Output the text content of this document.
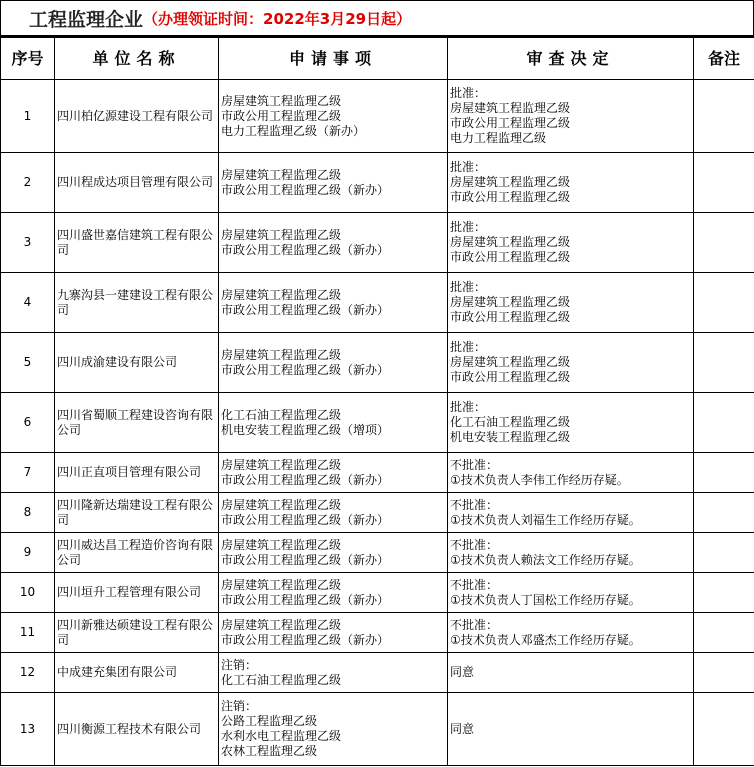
工程监理企业 （办理领证时间：2022年3月29日起）
序号	单位名称	申请事项	审查决定	备注
1	四川柏亿源建设工程有限公司	房屋建筑工程监理乙级
市政公用工程监理乙级
电力工程监理乙级（新办）	批准：
房屋建筑工程监理乙级
市政公用工程监理乙级
电力工程监理乙级	

2	四川程成达项目管理有限公司	房屋建筑工程监理乙级
市政公用工程监理乙级（新办）	批准：
房屋建筑工程监理乙级
市政公用工程监理乙级	

3	四川盛世嘉信建筑工程有限公司	房屋建筑工程监理乙级
市政公用工程监理乙级（新办）	批准：
房屋建筑工程监理乙级
市政公用工程监理乙级	

4	九寨沟县一建建设工程有限公司	房屋建筑工程监理乙级
市政公用工程监理乙级（新办）	批准：
房屋建筑工程监理乙级
市政公用工程监理乙级	

5	四川成渝建设有限公司	房屋建筑工程监理乙级
市政公用工程监理乙级（新办）	批准：
房屋建筑工程监理乙级
市政公用工程监理乙级	

6	四川省蜀顺工程建设咨询有限公司	化工石油工程监理乙级
机电安装工程监理乙级（增项）	批准：
化工石油工程监理乙级
机电安装工程监理乙级	

7	四川正直项目管理有限公司	房屋建筑工程监理乙级
市政公用工程监理乙级（新办）	不批准：
①技术负责人李伟工作经历存疑。	

8	四川隆新达瑞建设工程有限公司	房屋建筑工程监理乙级
市政公用工程监理乙级（新办）	不批准：
①技术负责人刘福生工作经历存疑。	

9	四川威达昌工程造价咨询有限公司	房屋建筑工程监理乙级
市政公用工程监理乙级（新办）	不批准：
①技术负责人赖法文工作经历存疑。	

10	四川垣升工程管理有限公司	房屋建筑工程监理乙级
市政公用工程监理乙级（新办）	不批准：
①技术负责人丁国松工作经历存疑。	

11	四川新雅达硕建设工程有限公司	房屋建筑工程监理乙级
市政公用工程监理乙级（新办）	不批准：
①技术负责人邓盛杰工作经历存疑。	

12	中成建充集团有限公司	注销：
化工石油工程监理乙级	同意	

13	四川衡源工程技术有限公司	注销：
公路工程监理乙级
水利水电工程监理乙级
农林工程监理乙级	同意	
